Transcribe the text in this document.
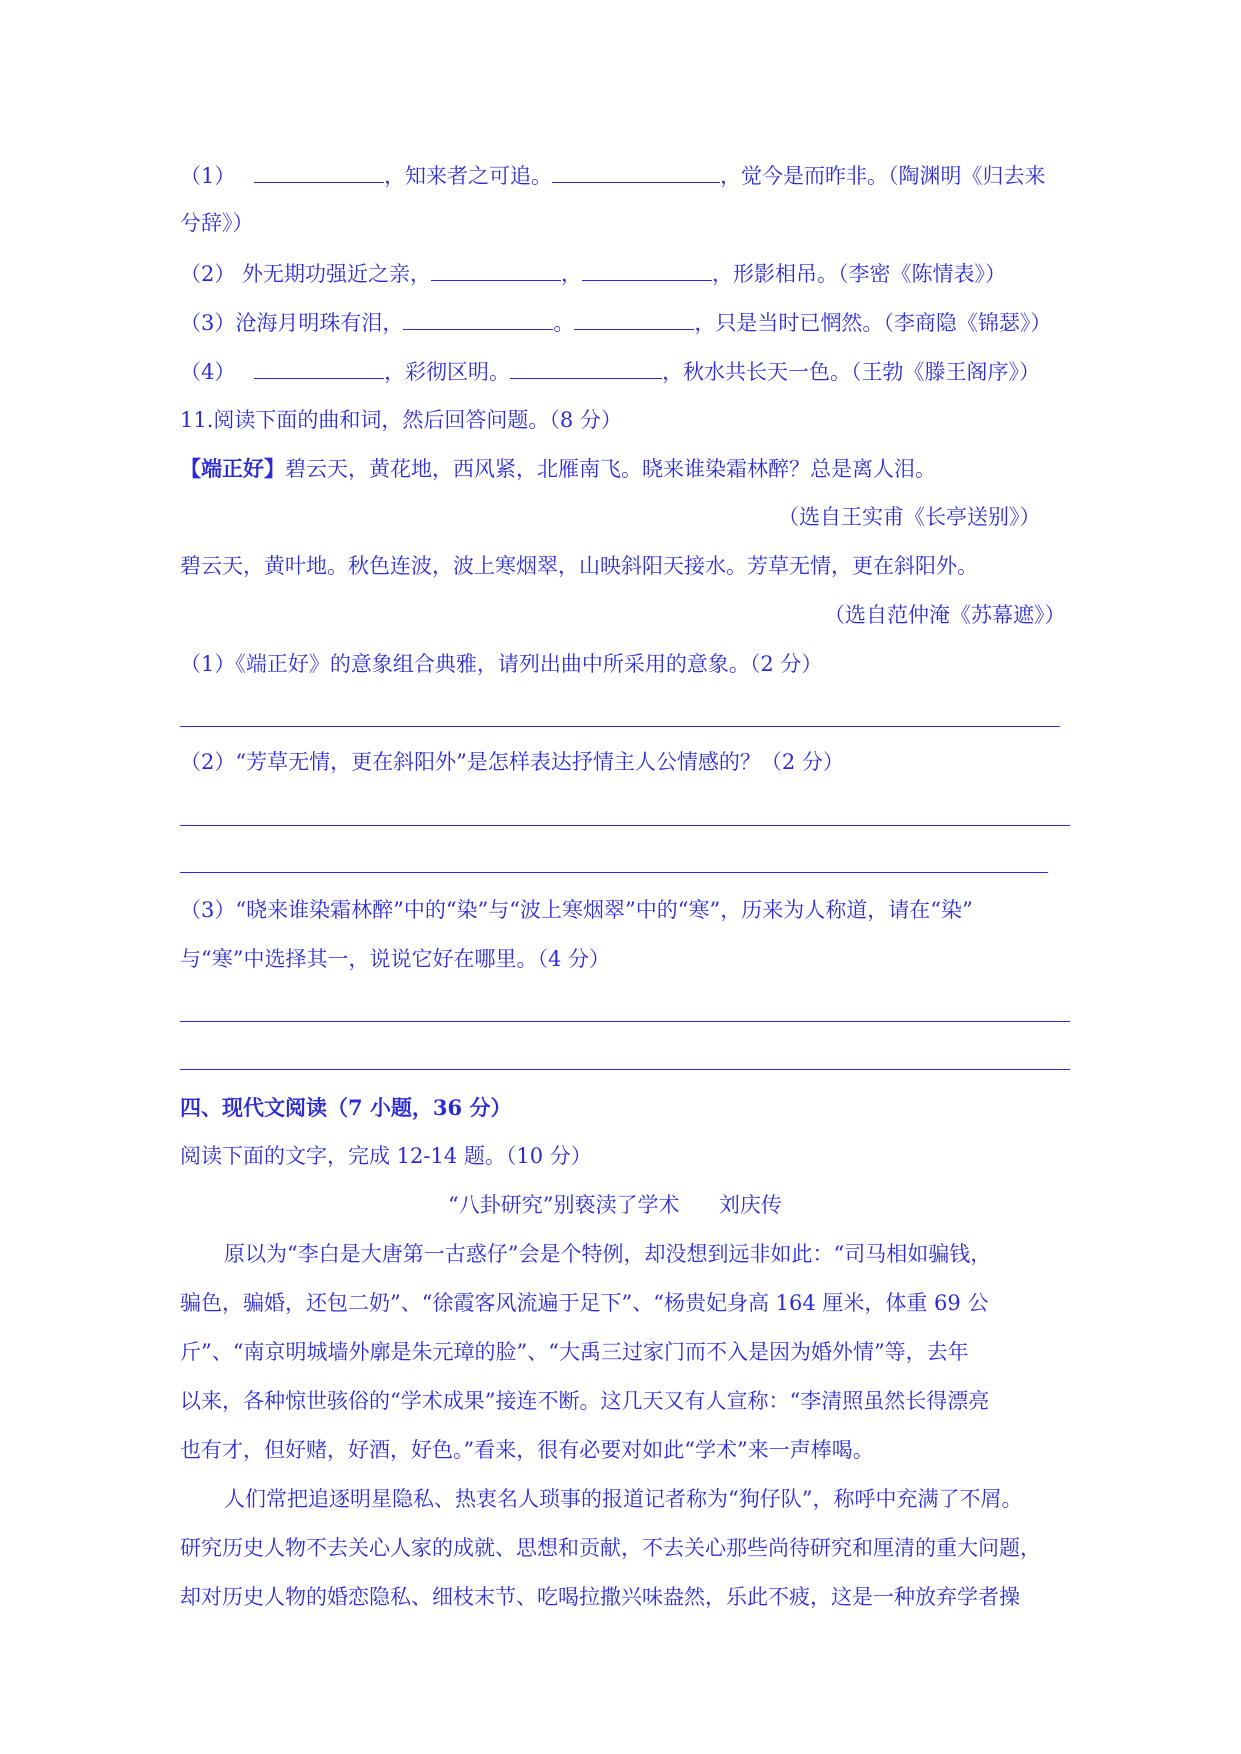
（1）	，知来者之可追。	，觉今是而昨非。（陶渊明《归去来
兮辞》）
（2） 外无期功强近之亲，	，	，形影相吊。（李密《陈情表》）
（3）沧海月明珠有泪，	。	，只是当时已惘然。（李商隐《锦瑟》）
（4）	，彩彻区明。	，秋水共长天一色。（王勃《滕王阁序》）
11.阅读下面的曲和词，然后回答问题。（8 分）
【端正好】碧云天，黄花地，西风紧，北雁南飞。晓来谁染霜林醉？总是离人泪。
（选自王实甫《长亭送别》）
碧云天，黄叶地。秋色连波，波上寒烟翠，山映斜阳天接水。芳草无情，更在斜阳外。
（选自范仲淹《苏幕遮》）
（1）《端正好》的意象组合典雅，请列出曲中所采用的意象。（2 分）
（2）“芳草无情，更在斜阳外”是怎样表达抒情主人公情感的？（2 分）
（3）“晓来谁染霜林醉”中的“染”与“波上寒烟翠”中的“寒”，历来为人称道，请在“染”
与“寒”中选择其一，说说它好在哪里。（4 分）
四、现代文阅读（7 小题，36 分）
阅读下面的文字，完成 12-14 题。（10 分）
“八卦研究”别亵渎了学术 刘庆传
原以为“李白是大唐第一古惑仔”会是个特例，却没想到远非如此：“司马相如骗钱，
骗色，骗婚，还包二奶”、“徐霞客风流遍于足下”、“杨贵妃身高 164 厘米，体重 69 公
斤”、“南京明城墙外廓是朱元璋的脸”、“大禹三过家门而不入是因为婚外情”等，去年
以来，各种惊世骇俗的“学术成果”接连不断。这几天又有人宣称：“李清照虽然长得漂亮
也有才，但好赌，好酒，好色。”看来，很有必要对如此“学术”来一声棒喝。
人们常把追逐明星隐私、热衷名人琐事的报道记者称为“狗仔队”，称呼中充满了不屑。
研究历史人物不去关心人家的成就、思想和贡献，不去关心那些尚待研究和厘清的重大问题，
却对历史人物的婚恋隐私、细枝末节、吃喝拉撒兴味盎然，乐此不疲，这是一种放弃学者操
